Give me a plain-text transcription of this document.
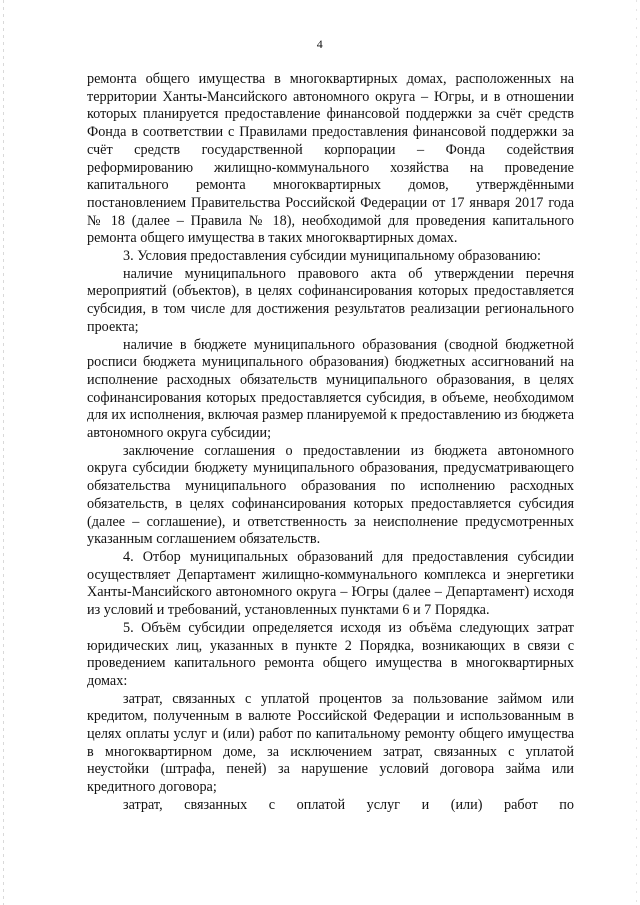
4

ремонта общего имущества в многоквартирных домах, расположенных на территории Ханты-Мансийского автономного округа – Югры, и в отношении которых планируется предоставление финансовой поддержки за счёт средств Фонда в соответствии с Правилами предоставления финансовой поддержки за счёт средств государственной корпорации – Фонда содействия реформированию жилищно-коммунального хозяйства на проведение капитального ремонта многоквартирных домов, утверждёнными постановлением Правительства Российской Федерации от 17 января 2017 года № 18 (далее – Правила № 18), необходимой для проведения капитального ремонта общего имущества в таких многоквартирных домах.

3. Условия предоставления субсидии муниципальному образованию:

наличие муниципального правового акта об утверждении перечня мероприятий (объектов), в целях софинансирования которых предоставляется субсидия, в том числе для достижения результатов реализации регионального проекта;

наличие в бюджете муниципального образования (сводной бюджетной росписи бюджета муниципального образования) бюджетных ассигнований на исполнение расходных обязательств муниципального образования, в целях софинансирования которых предоставляется субсидия, в объеме, необходимом для их исполнения, включая размер планируемой к предоставлению из бюджета автономного округа субсидии;

заключение соглашения о предоставлении из бюджета автономного округа субсидии бюджету муниципального образования, предусматривающего обязательства муниципального образования по исполнению расходных обязательств, в целях софинансирования которых предоставляется субсидия (далее – соглашение), и ответственность за неисполнение предусмотренных указанным соглашением обязательств.

4. Отбор муниципальных образований для предоставления субсидии осуществляет Департамент жилищно-коммунального комплекса и энергетики Ханты-Мансийского автономного округа – Югры (далее – Департамент) исходя из условий и требований, установленных пунктами 6 и 7 Порядка.

5. Объём субсидии определяется исходя из объёма следующих затрат юридических лиц, указанных в пункте 2 Порядка, возникающих в связи с проведением капитального ремонта общего имущества в многоквартирных домах:

затрат, связанных с уплатой процентов за пользование займом или кредитом, полученным в валюте Российской Федерации и использованным в целях оплаты услуг и (или) работ по капитальному ремонту общего имущества в многоквартирном доме, за исключением затрат, связанных с уплатой неустойки (штрафа, пеней) за нарушение условий договора займа или кредитного договора;

затрат, связанных с оплатой услуг и (или) работ по
